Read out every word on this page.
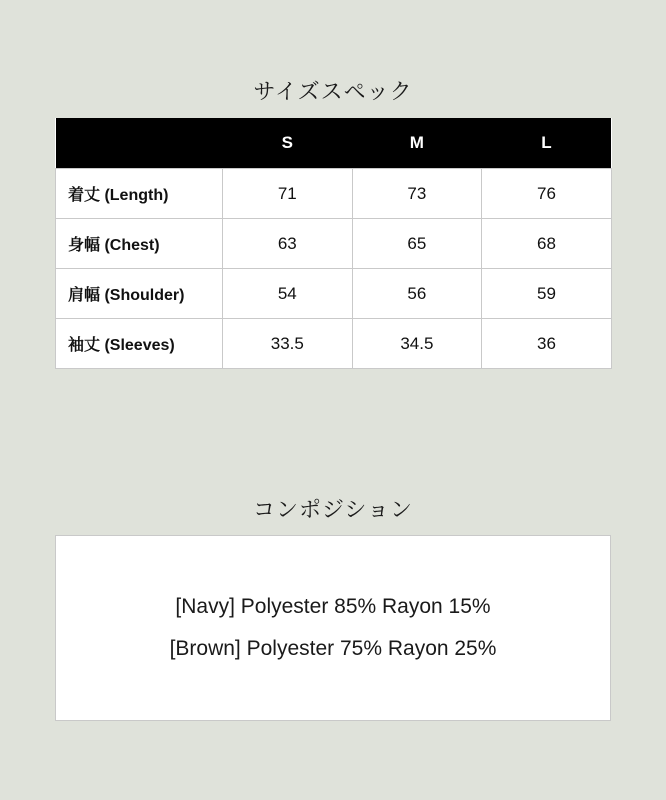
サイズスペック
	S	M	L
着丈 (Length)	71	73	76
身幅 (Chest)	63	65	68
肩幅 (Shoulder)	54	56	59
袖丈 (Sleeves)	33.5	34.5	36
コンポジション
[Navy] Polyester 85% Rayon 15%
[Brown] Polyester 75% Rayon 25%
